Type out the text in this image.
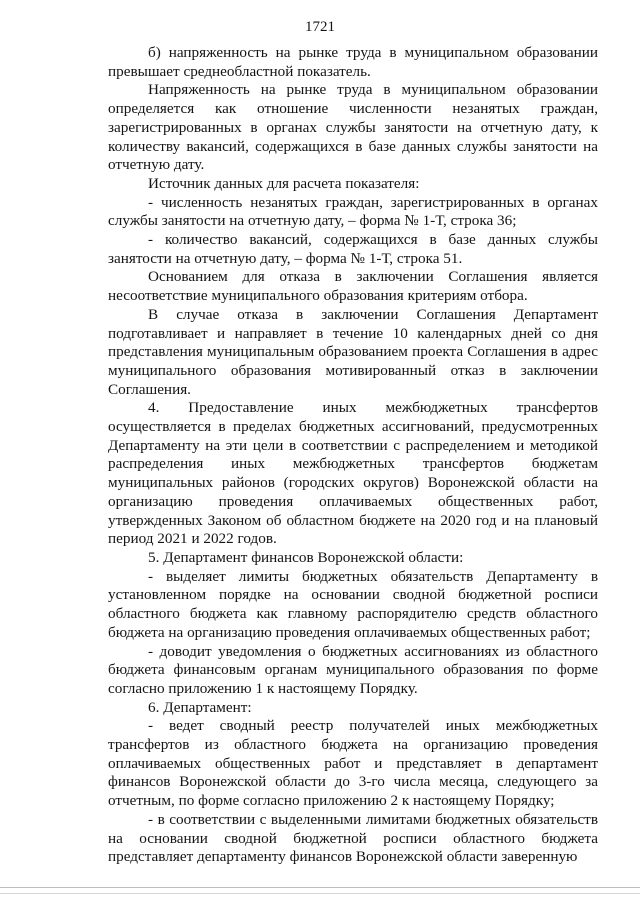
1721

б) напряженность на рынке труда в муниципальном образовании превышает среднеобластной показатель.

Напряженность на рынке труда в муниципальном образовании определяется как отношение численности незанятых граждан, зарегистрированных в органах службы занятости на отчетную дату, к количеству вакансий, содержащихся в базе данных службы занятости на отчетную дату.

Источник данных для расчета показателя:

- численность незанятых граждан, зарегистрированных в органах службы занятости на отчетную дату, – форма № 1-Т, строка 36;

- количество вакансий, содержащихся в базе данных службы занятости на отчетную дату, – форма № 1-Т, строка 51.

Основанием для отказа в заключении Соглашения является несоответствие муниципального образования критериям отбора.

В случае отказа в заключении Соглашения Департамент подготавливает и направляет в течение 10 календарных дней со дня представления муниципальным образованием проекта Соглашения в адрес муниципального образования мотивированный отказ в заключении Соглашения.

4. Предоставление иных межбюджетных трансфертов осуществляется в пределах бюджетных ассигнований, предусмотренных Департаменту на эти цели в соответствии с распределением и методикой распределения иных межбюджетных трансфертов бюджетам муниципальных районов (городских округов) Воронежской области на организацию проведения оплачиваемых общественных работ, утвержденных Законом об областном бюджете на 2020 год и на плановый период 2021 и 2022 годов.

5. Департамент финансов Воронежской области:

- выделяет лимиты бюджетных обязательств Департаменту в установленном порядке на основании сводной бюджетной росписи областного бюджета как главному распорядителю средств областного бюджета на организацию проведения оплачиваемых общественных работ;

- доводит уведомления о бюджетных ассигнованиях из областного бюджета финансовым органам муниципального образования по форме согласно приложению 1 к настоящему Порядку.

6. Департамент:

- ведет сводный реестр получателей иных межбюджетных трансфертов из областного бюджета на организацию проведения оплачиваемых общественных работ и представляет в департамент финансов Воронежской области до 3-го числа месяца, следующего за отчетным, по форме согласно приложению 2 к настоящему Порядку;

- в соответствии с выделенными лимитами бюджетных обязательств на основании сводной бюджетной росписи областного бюджета представляет департаменту финансов Воронежской области заверенную
